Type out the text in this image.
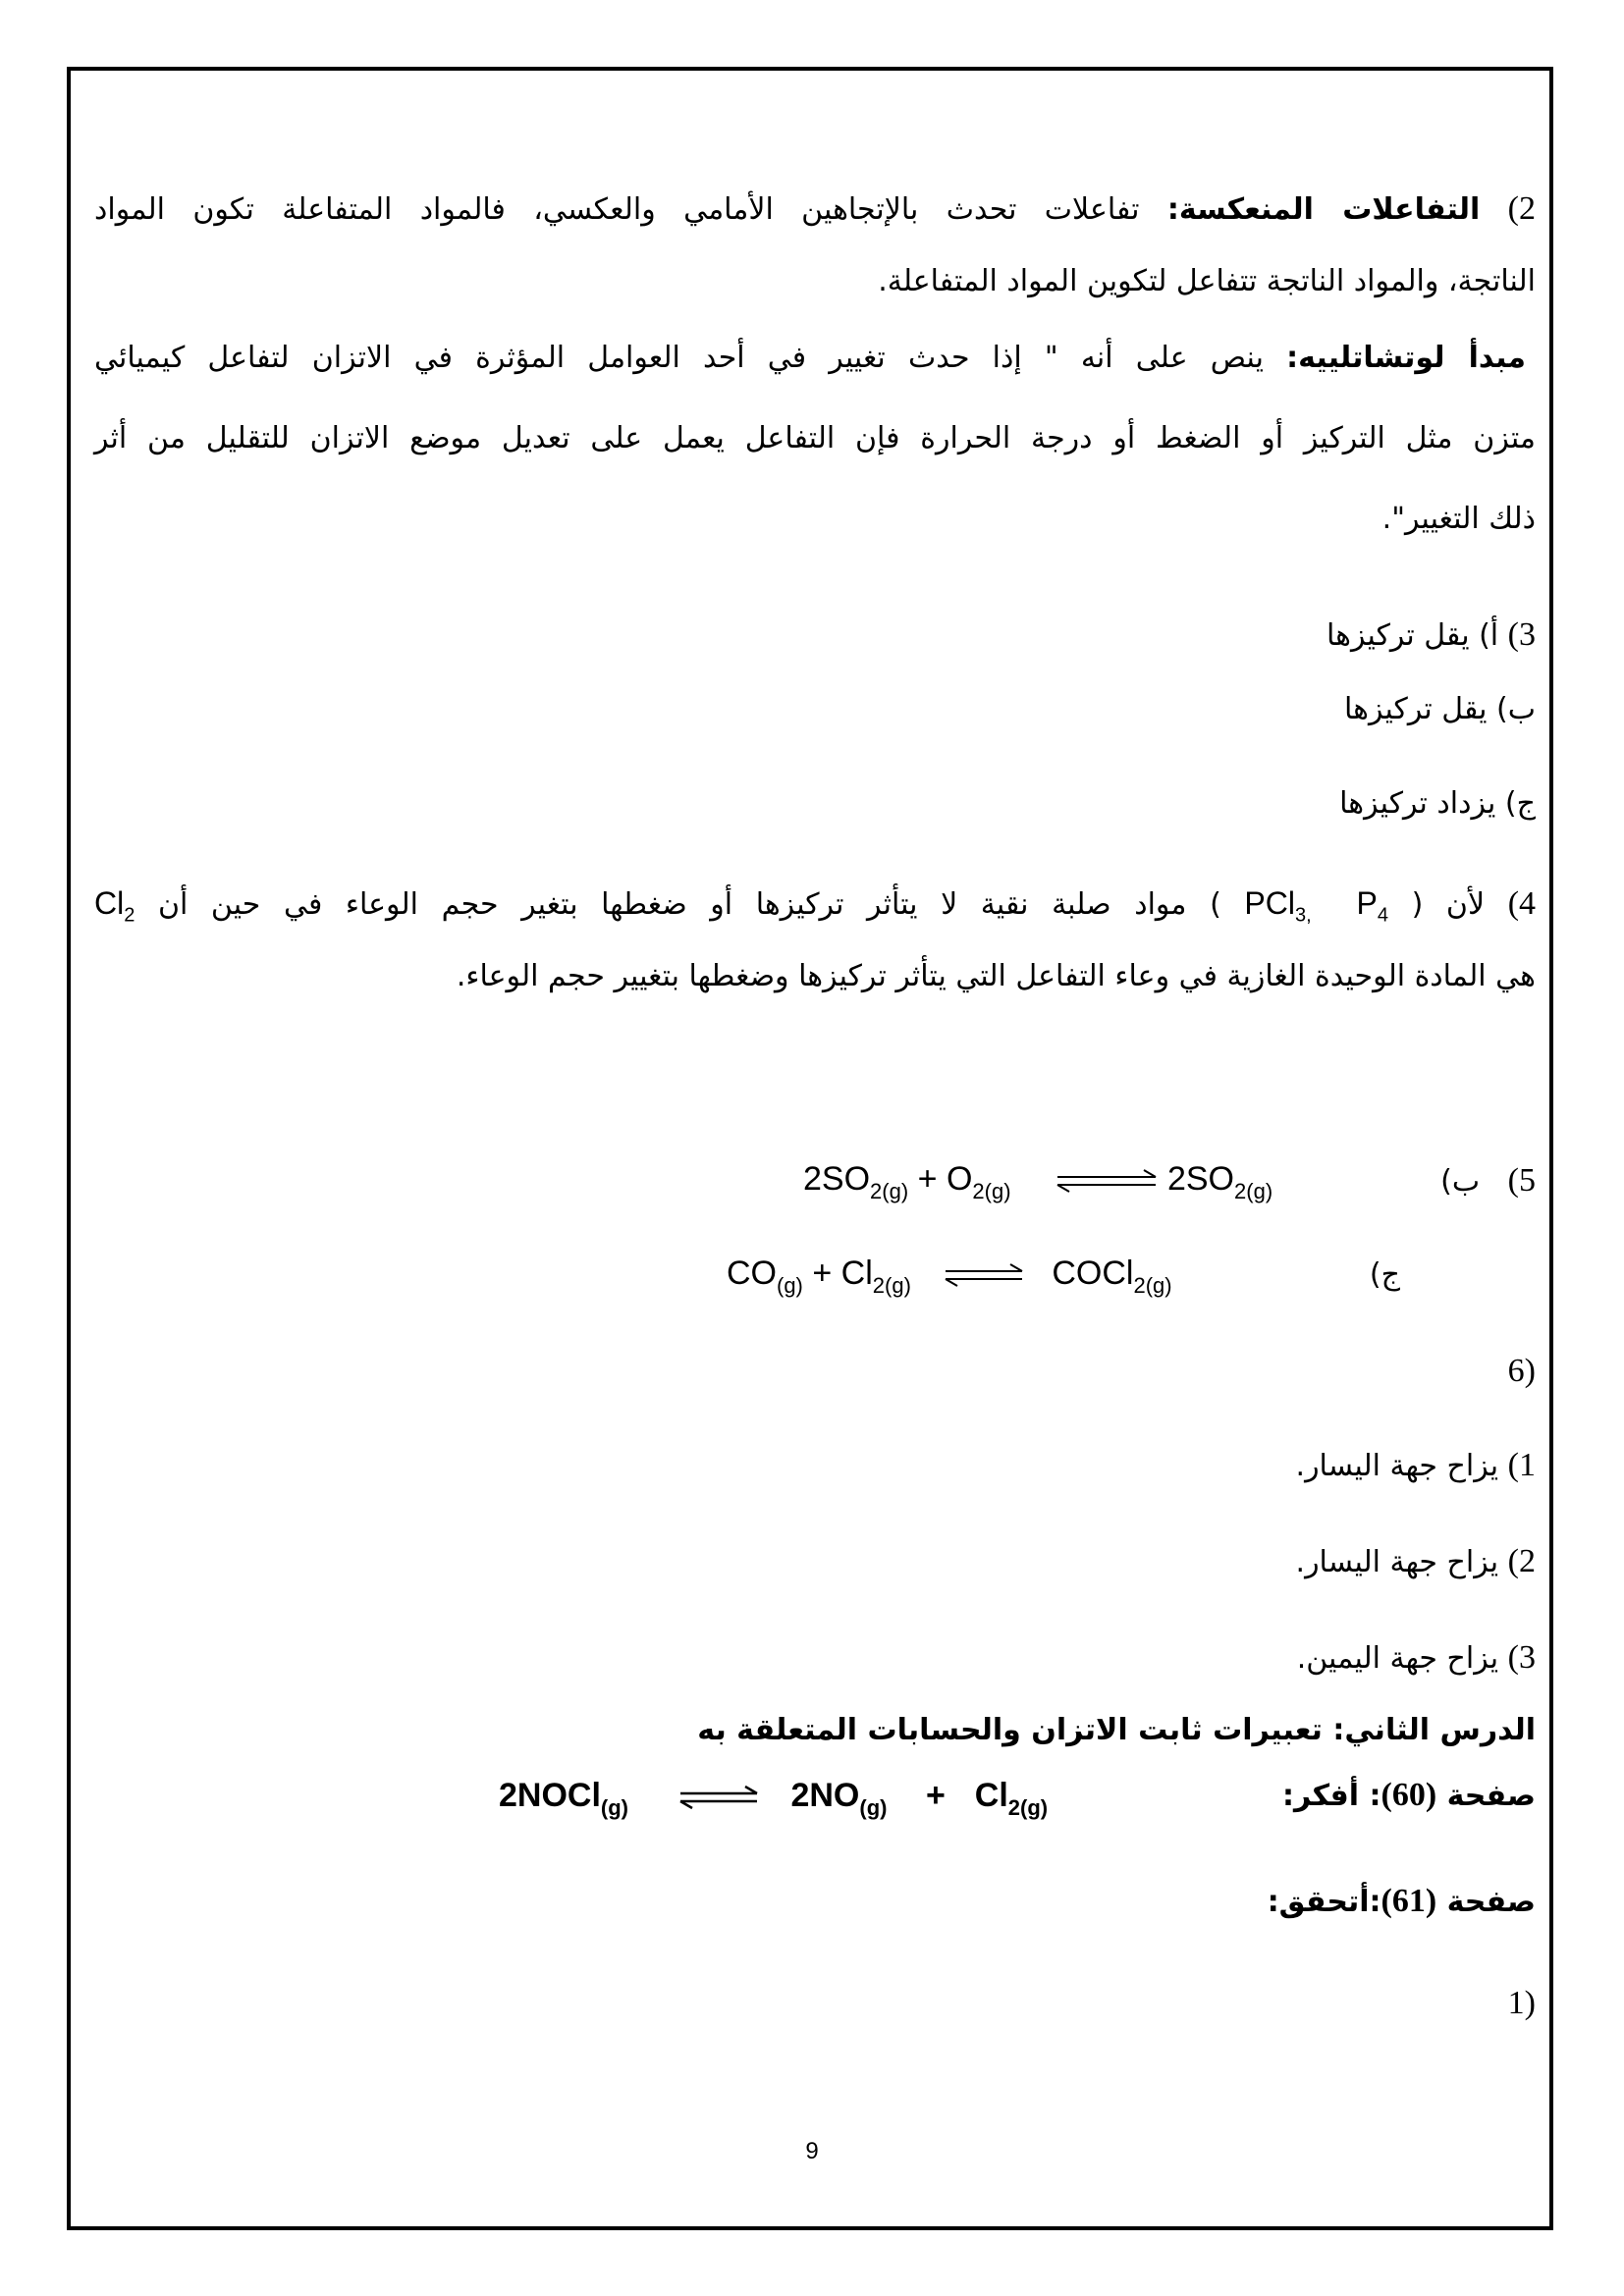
2) التفاعلات المنعكسة: تفاعلات تحدث بالإتجاهين الأمامي والعكسي، فالمواد المتفاعلة تكون المواد
الناتجة، والمواد الناتجة تتفاعل لتكوين المواد المتفاعلة.
مبدأ لوتشاتلييه: ينص على أنه " إذا حدث تغيير في أحد العوامل المؤثرة في الاتزان لتفاعل كيميائي
متزن مثل التركيز أو الضغط أو درجة الحرارة فإن التفاعل يعمل على تعديل موضع الاتزان للتقليل من أثر
ذلك التغيير".
3) أ) يقل تركيزها
ب) يقل تركيزها
ج) يزداد تركيزها
4) لأن ( PCl$_{3,}$ $P_4$ ) مواد صلبة نقية لا يتأثر تركيزها أو ضغطها بتغير حجم الوعاء في حين أن $Cl_2$
هي المادة الوحيدة الغازية في وعاء التفاعل التي يتأثر تركيزها وضغطها بتغيير حجم الوعاء.
5)   ب)
$2SO_{2(g)} + O_{2(g)}$ ⇌ $2SO_{2(g)}$
ج)
$CO_{(g)} + Cl_{2(g)}$ ⇌ COCl$_{2(g)}$
(6
1) يزاح جهة اليسار.
2) يزاح جهة اليسار.
3) يزاح جهة اليمين.
الدرس الثاني: تعبيرات ثابت الاتزان والحسابات المتعلقة به
صفحة (60): أفكر:
2NOCl$_{(g)}$ ⇌ $2NO_{(g)} + Cl_{2(g)}$
صفحة (61):أتحقق:
(1
9
